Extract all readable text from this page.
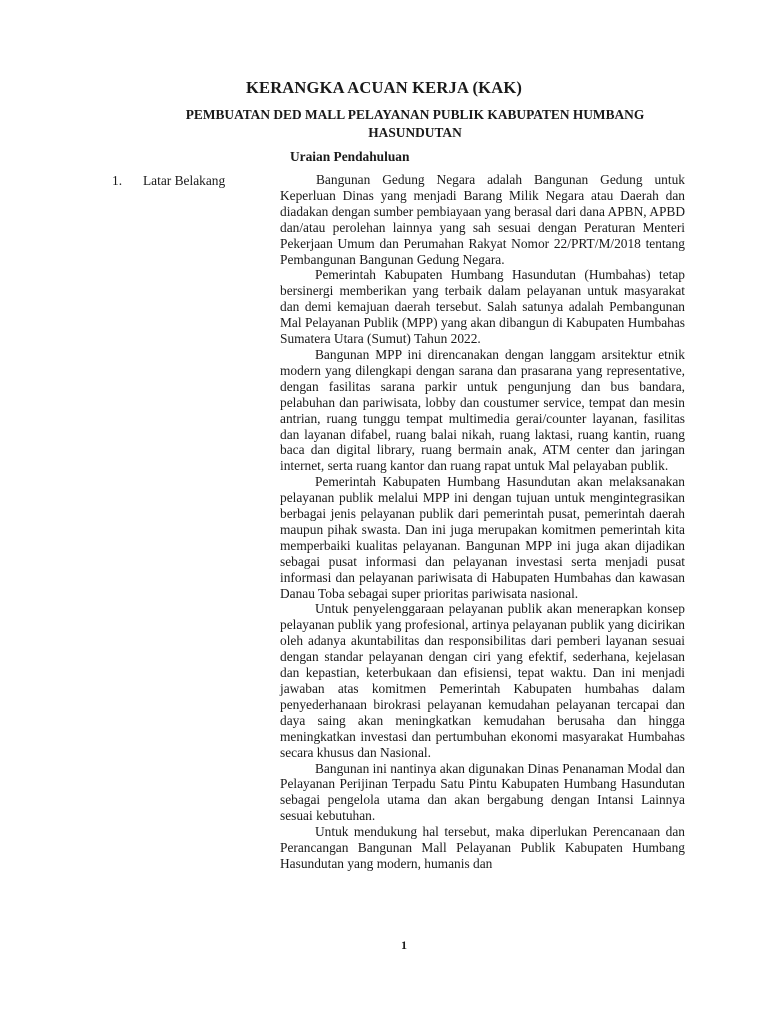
KERANGKA ACUAN KERJA (KAK)
PEMBUATAN DED MALL PELAYANAN PUBLIK KABUPATEN HUMBANG HASUNDUTAN
Uraian Pendahuluan
1. Latar Belakang	Bangunan Gedung Negara adalah Bangunan Gedung untuk Keperluan Dinas yang menjadi Barang Milik Negara atau Daerah dan diadakan dengan sumber pembiayaan yang berasal dari dana APBN, APBD dan/atau perolehan lainnya yang sah sesuai dengan Peraturan Menteri Pekerjaan Umum dan Perumahan Rakyat Nomor 22/PRT/M/2018 tentang Pembangunan Bangunan Gedung Negara.

Pemerintah Kabupaten Humbang Hasundutan (Humbahas) tetap bersinergi memberikan yang terbaik dalam pelayanan untuk masyarakat dan demi kemajuan daerah tersebut. Salah satunya adalah Pembangunan Mal Pelayanan Publik (MPP) yang akan dibangun di Kabupaten Humbahas Sumatera Utara (Sumut) Tahun 2022.

Bangunan MPP ini direncanakan dengan langgam arsitektur etnik modern yang dilengkapi dengan sarana dan prasarana yang representative, dengan fasilitas sarana parkir untuk pengunjung dan bus bandara, pelabuhan dan pariwisata, lobby dan coustumer service, tempat dan mesin antrian, ruang tunggu tempat multimedia gerai/counter layanan, fasilitas dan layanan difabel, ruang balai nikah, ruang laktasi, ruang kantin, ruang baca dan digital library, ruang bermain anak, ATM center dan jaringan internet, serta ruang kantor dan ruang rapat untuk Mal pelayaban publik.

Pemerintah Kabupaten Humbang Hasundutan akan melaksanakan pelayanan publik melalui MPP ini dengan tujuan untuk mengintegrasikan berbagai jenis pelayanan publik dari pemerintah pusat, pemerintah daerah maupun pihak swasta. Dan ini juga merupakan komitmen pemerintah kita memperbaiki kualitas pelayanan. Bangunan MPP ini juga akan dijadikan sebagai pusat informasi dan pelayanan investasi serta menjadi pusat informasi dan pelayanan pariwisata di Habupaten Humbahas dan kawasan Danau Toba sebagai super prioritas pariwisata nasional.

Untuk penyelenggaraan pelayanan publik akan menerapkan konsep pelayanan publik yang profesional, artinya pelayanan publik yang dicirikan oleh adanya akuntabilitas dan responsibilitas dari pemberi layanan sesuai dengan standar pelayanan dengan ciri yang efektif, sederhana, kejelasan dan kepastian, keterbukaan dan efisiensi, tepat waktu. Dan ini menjadi jawaban atas komitmen Pemerintah Kabupaten humbahas dalam penyederhanaan birokrasi pelayanan kemudahan pelayanan tercapai dan daya saing akan meningkatkan kemudahan berusaha dan hingga meningkatkan investasi dan pertumbuhan ekonomi masyarakat Humbahas secara khusus dan Nasional.

Bangunan ini nantinya akan digunakan Dinas Penanaman Modal dan Pelayanan Perijinan Terpadu Satu Pintu Kabupaten Humbang Hasundutan sebagai pengelola utama dan akan bergabung dengan Intansi Lainnya sesuai kebutuhan.

Untuk mendukung hal tersebut, maka diperlukan Perencanaan dan Perancangan Bangunan Mall Pelayanan Publik Kabupaten Humbang Hasundutan yang modern, humanis dan

1
